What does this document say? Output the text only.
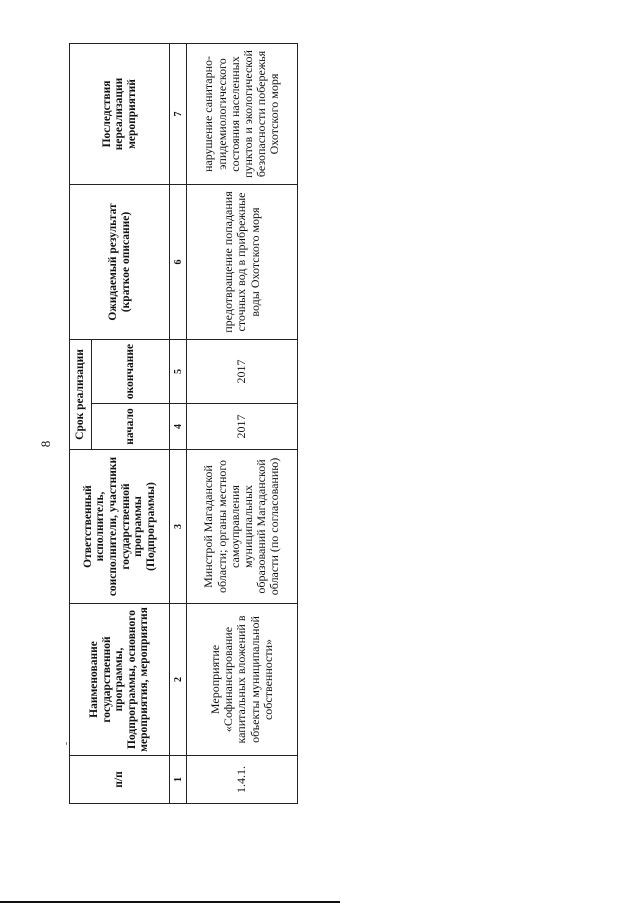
8
п/п	Наименование государственной программы, Подпрограммы, основного мероприятия, мероприятия	Ответственный исполнитель, соисполнители, участники государственной программы (Подпрограммы)	Срок реализации		Ожидаемый результат (краткое описание)	Последствия нереализации мероприятий
			начало	окончание		
1	2	3	4	5	6	7
1.4.1.	Мероприятие «Софинансирование капитальных вложений в объекты муниципальной собственности»	Минстрой Магаданской области; органы местного самоуправления муниципальных образований Магаданской области (по согласованию)	2017	2017	предотвращение попадания сточных вод в прибрежные воды Охотского моря	нарушение санитарно-эпидемиологического состояния населенных пунктов и экологической безопасности побережья Охотского моря
